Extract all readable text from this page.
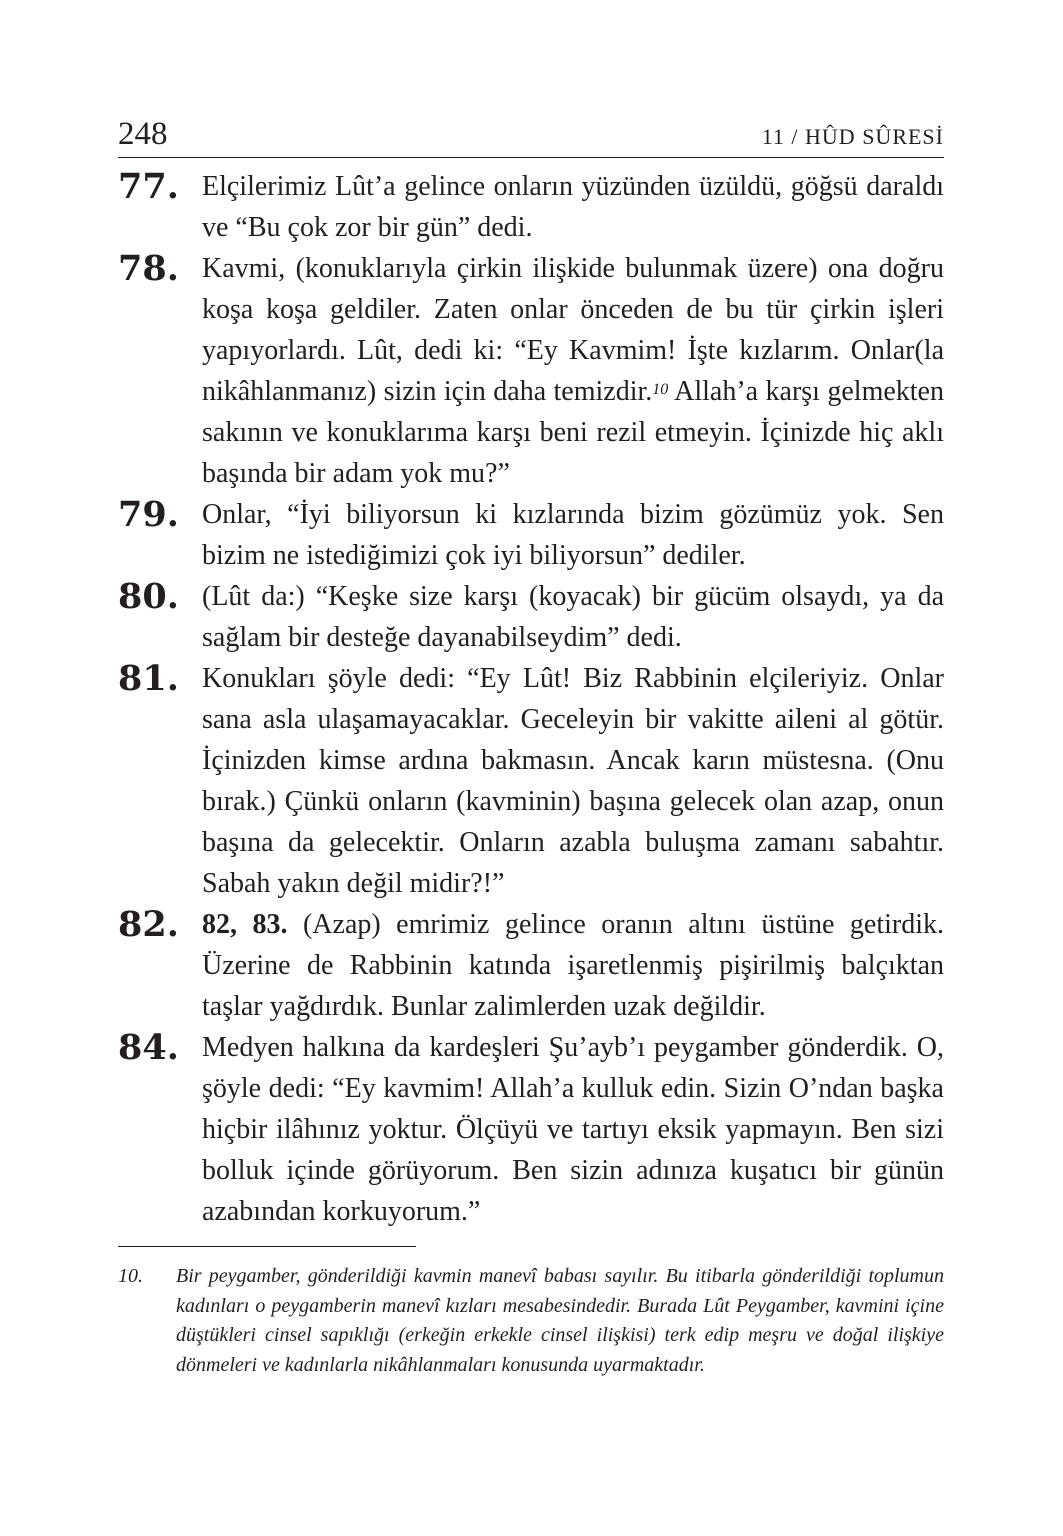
248	11 / HÛD SÛRESİ
77. Elçilerimiz Lût’a gelince onların yüzünden üzüldü, göğsü daraldı ve “Bu çok zor bir gün” dedi.
78. Kavmi, (konuklarıyla çirkin ilişkide bulunmak üzere) ona doğru koşa koşa geldiler. Zaten onlar önceden de bu tür çirkin işleri yapıyorlardı. Lût, dedi ki: “Ey Kavmim! İşte kızlarım. Onlar(la nikâhlanmanız) sizin için daha temizdir.$^{10}$ Allah’a karşı gelmekten sakının ve konuklarıma karşı beni rezil etmeyin. İçinizde hiç aklı başında bir adam yok mu?”
79. Onlar, “İyi biliyorsun ki kızlarında bizim gözümüz yok. Sen bizim ne istediğimizi çok iyi biliyorsun” dediler.
80. (Lût da:) “Keşke size karşı (koyacak) bir gücüm olsaydı, ya da sağlam bir desteğe dayanabilseydim” dedi.
81. Konukları şöyle dedi: “Ey Lût! Biz Rabbinin elçileriyiz. Onlar sana asla ulaşamayacaklar. Geceleyin bir vakitte aileni al götür. İçinizden kimse ardına bakmasın. Ancak karın müstesna. (Onu bırak.) Çünkü onların (kavminin) başına gelecek olan azap, onun başına da gelecektir. Onların azabla buluşma zamanı sabahtır. Sabah yakın değil midir?!”
82. 82, 83. (Azap) emrimiz gelince oranın altını üstüne getirdik. Üzerine de Rabbinin katında işaretlenmiş pişirilmiş balçıktan taşlar yağdırdık. Bunlar zalimlerden uzak değildir.
84. Medyen halkına da kardeşleri Şu’ayb’ı peygamber gönderdik. O, şöyle dedi: “Ey kavmim! Allah’a kulluk edin. Sizin O’ndan başka hiçbir ilâhınız yoktur. Ölçüyü ve tartıyı eksik yapmayın. Ben sizi bolluk içinde görüyorum. Ben sizin adınıza kuşatıcı bir günün azabından korkuyorum.”
10.	Bir peygamber, gönderildiği kavmin manevî babası sayılır. Bu itibarla gönderildiği toplumun kadınları o peygamberin manevî kızları mesabesindedir. Burada Lût Peygamber, kavmini içine düştükleri cinsel sapıklığı (erkeğin erkekle cinsel ilişkisi) terk edip meşru ve doğal ilişkiye dönmeleri ve kadınlarla nikâhlanmaları konusunda uyarmaktadır.
